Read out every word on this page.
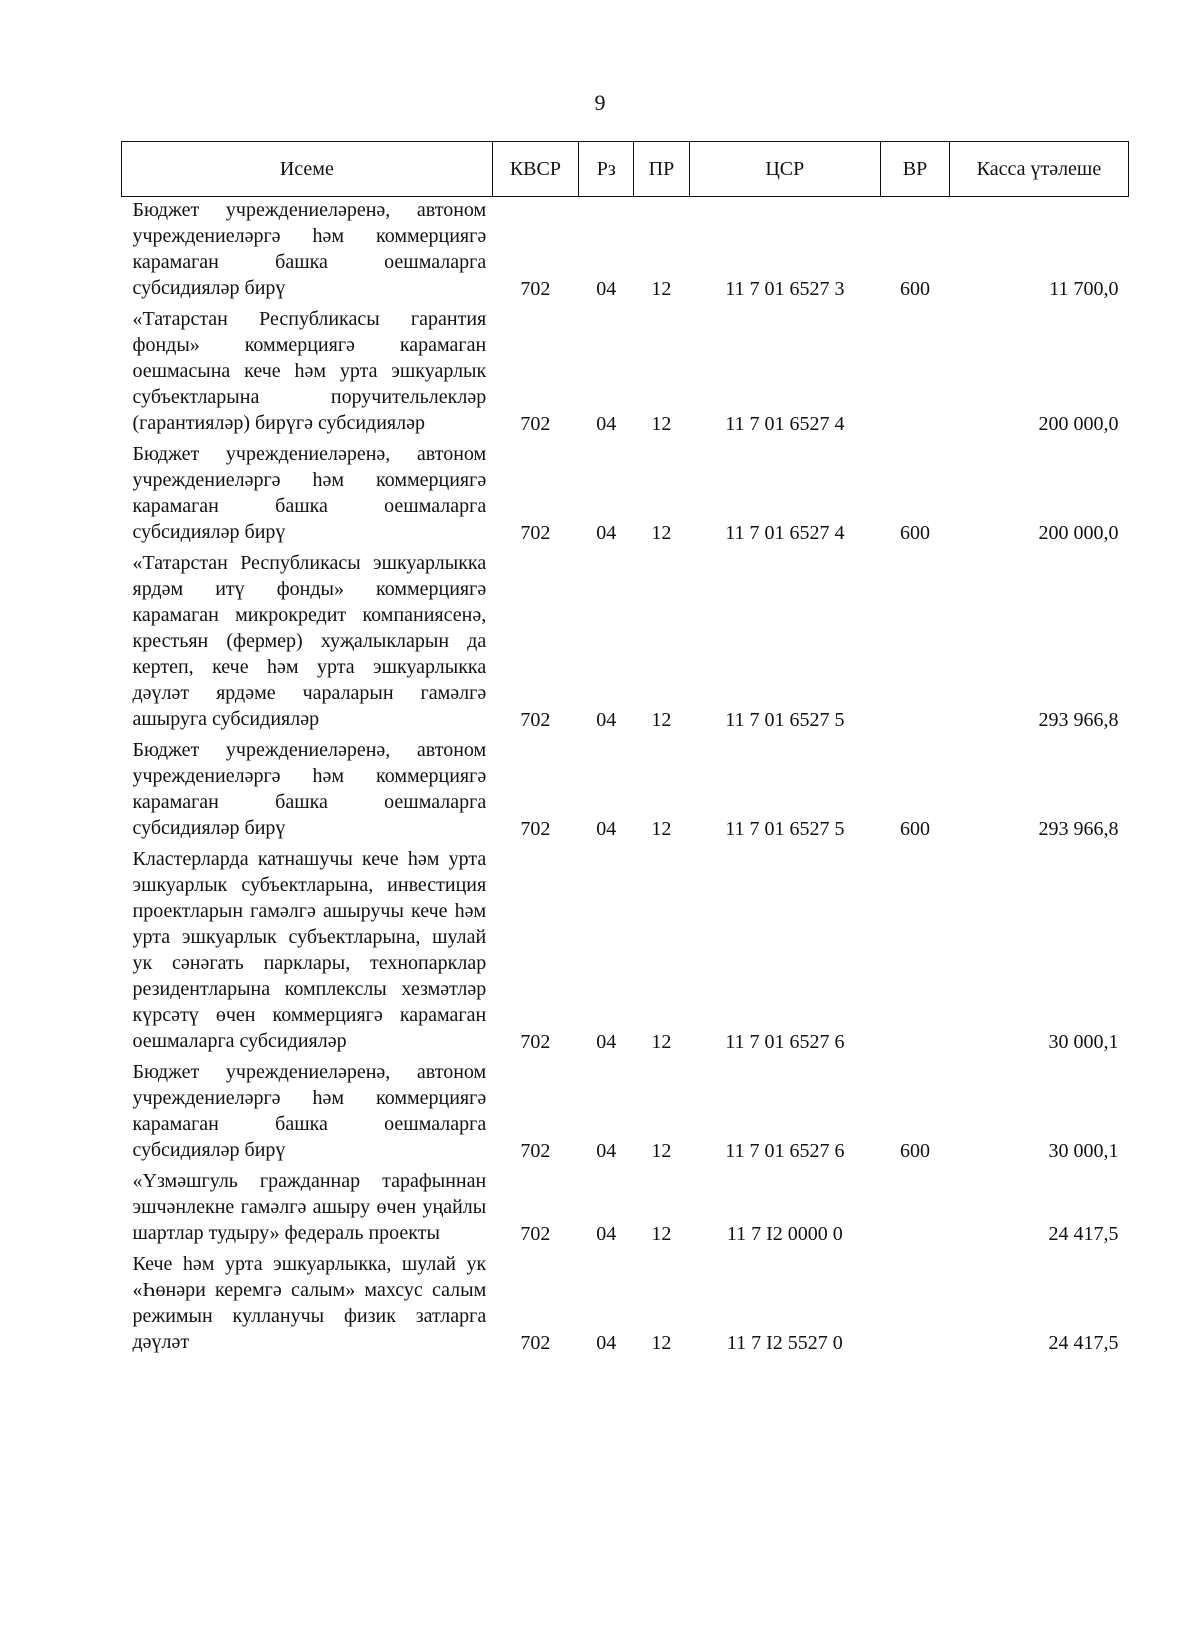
9
Исеме	КВСР	Рз	ПР	ЦСР	ВР	Касса үтәлеше

Бюджет учреждениеләренә, автоном учреждениеләргә һәм коммерциягә карамаган башка оешмаларга субсидияләр бирү	702	04	12	11 7 01 6527 3	600	11 700,0

«Татарстан Республикасы гарантия фонды» коммерциягә карамаган оешмасына кече һәм урта эшкуарлык субъектларына поручительлекләр (гарантияләр) бирүгә субсидияләр	702	04	12	11 7 01 6527 4		200 000,0

Бюджет учреждениеләренә, автоном учреждениеләргә һәм коммерциягә карамаган башка оешмаларга субсидияләр бирү	702	04	12	11 7 01 6527 4	600	200 000,0

«Татарстан Республикасы эшкуарлыкка ярдәм итү фонды» коммерциягә карамаган микрокредит компаниясенә, крестьян (фермер) хуҗалыкларын да кертеп, кече һәм урта эшкуарлыкка дәүләт ярдәме чараларын гамәлгә ашыруга субсидияләр	702	04	12	11 7 01 6527 5		293 966,8

Бюджет учреждениеләренә, автоном учреждениеләргә һәм коммерциягә карамаган башка оешмаларга субсидияләр бирү	702	04	12	11 7 01 6527 5	600	293 966,8

Кластерларда катнашучы кече һәм урта эшкуарлык субъектларына, инвестиция проектларын гамәлгә ашыручы кече һәм урта эшкуарлык субъектларына, шулай ук сәнәгать парклары, технопарклар резидентларына комплекслы хезмәтләр күрсәтү өчен коммерциягә карамаган оешмаларга субсидияләр	702	04	12	11 7 01 6527 6		30 000,1

Бюджет учреждениеләренә, автоном учреждениеләргә һәм коммерциягә карамаган башка оешмаларга субсидияләр бирү	702	04	12	11 7 01 6527 6	600	30 000,1

«Үзмәшгуль гражданнар тарафыннан эшчәнлекне гамәлгә ашыру өчен уңайлы шартлар тудыру» федераль проекты	702	04	12	11 7 I2 0000 0		24 417,5

Кече һәм урта эшкуарлыкка, шулай ук «Һөнәри керемгә салым» махсус салым режимын кулланучы физик затларга дәүләт	702	04	12	11 7 I2 5527 0		24 417,5
